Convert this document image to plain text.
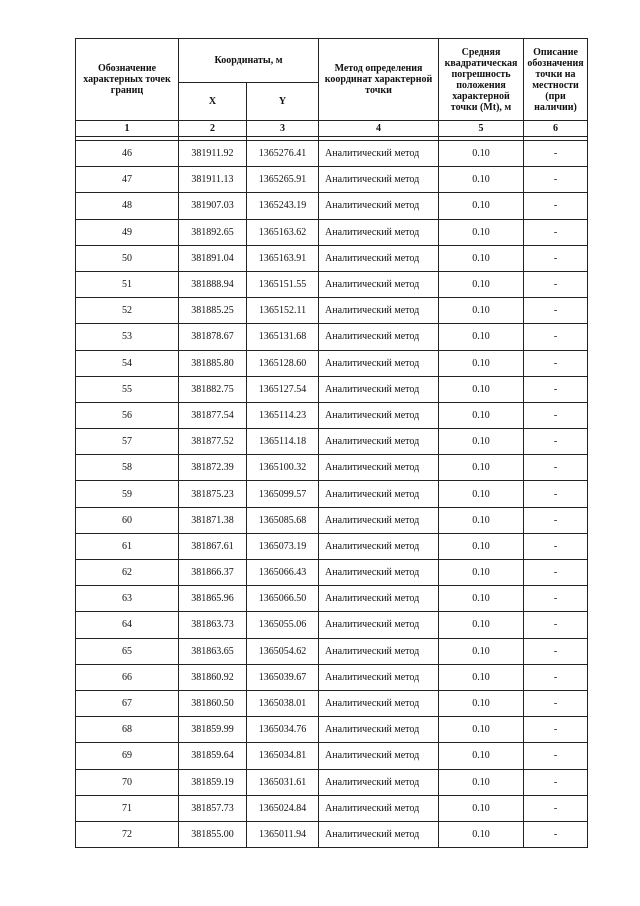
Обозначение характерных точек границ	Координаты, м		Метод определения координат характерной точки	Средняя квадратическая погрешность положения характерной точки (Mt), м	Описание обозначения точки на местности (при наличии)
	X	Y			
1	2	3	4	5	6

46	381911.92	1365276.41	Аналитический метод	0.10	-
47	381911.13	1365265.91	Аналитический метод	0.10	-
48	381907.03	1365243.19	Аналитический метод	0.10	-
49	381892.65	1365163.62	Аналитический метод	0.10	-
50	381891.04	1365163.91	Аналитический метод	0.10	-
51	381888.94	1365151.55	Аналитический метод	0.10	-
52	381885.25	1365152.11	Аналитический метод	0.10	-
53	381878.67	1365131.68	Аналитический метод	0.10	-
54	381885.80	1365128.60	Аналитический метод	0.10	-
55	381882.75	1365127.54	Аналитический метод	0.10	-
56	381877.54	1365114.23	Аналитический метод	0.10	-
57	381877.52	1365114.18	Аналитический метод	0.10	-
58	381872.39	1365100.32	Аналитический метод	0.10	-
59	381875.23	1365099.57	Аналитический метод	0.10	-
60	381871.38	1365085.68	Аналитический метод	0.10	-
61	381867.61	1365073.19	Аналитический метод	0.10	-
62	381866.37	1365066.43	Аналитический метод	0.10	-
63	381865.96	1365066.50	Аналитический метод	0.10	-
64	381863.73	1365055.06	Аналитический метод	0.10	-
65	381863.65	1365054.62	Аналитический метод	0.10	-
66	381860.92	1365039.67	Аналитический метод	0.10	-
67	381860.50	1365038.01	Аналитический метод	0.10	-
68	381859.99	1365034.76	Аналитический метод	0.10	-
69	381859.64	1365034.81	Аналитический метод	0.10	-
70	381859.19	1365031.61	Аналитический метод	0.10	-
71	381857.73	1365024.84	Аналитический метод	0.10	-
72	381855.00	1365011.94	Аналитический метод	0.10	-
